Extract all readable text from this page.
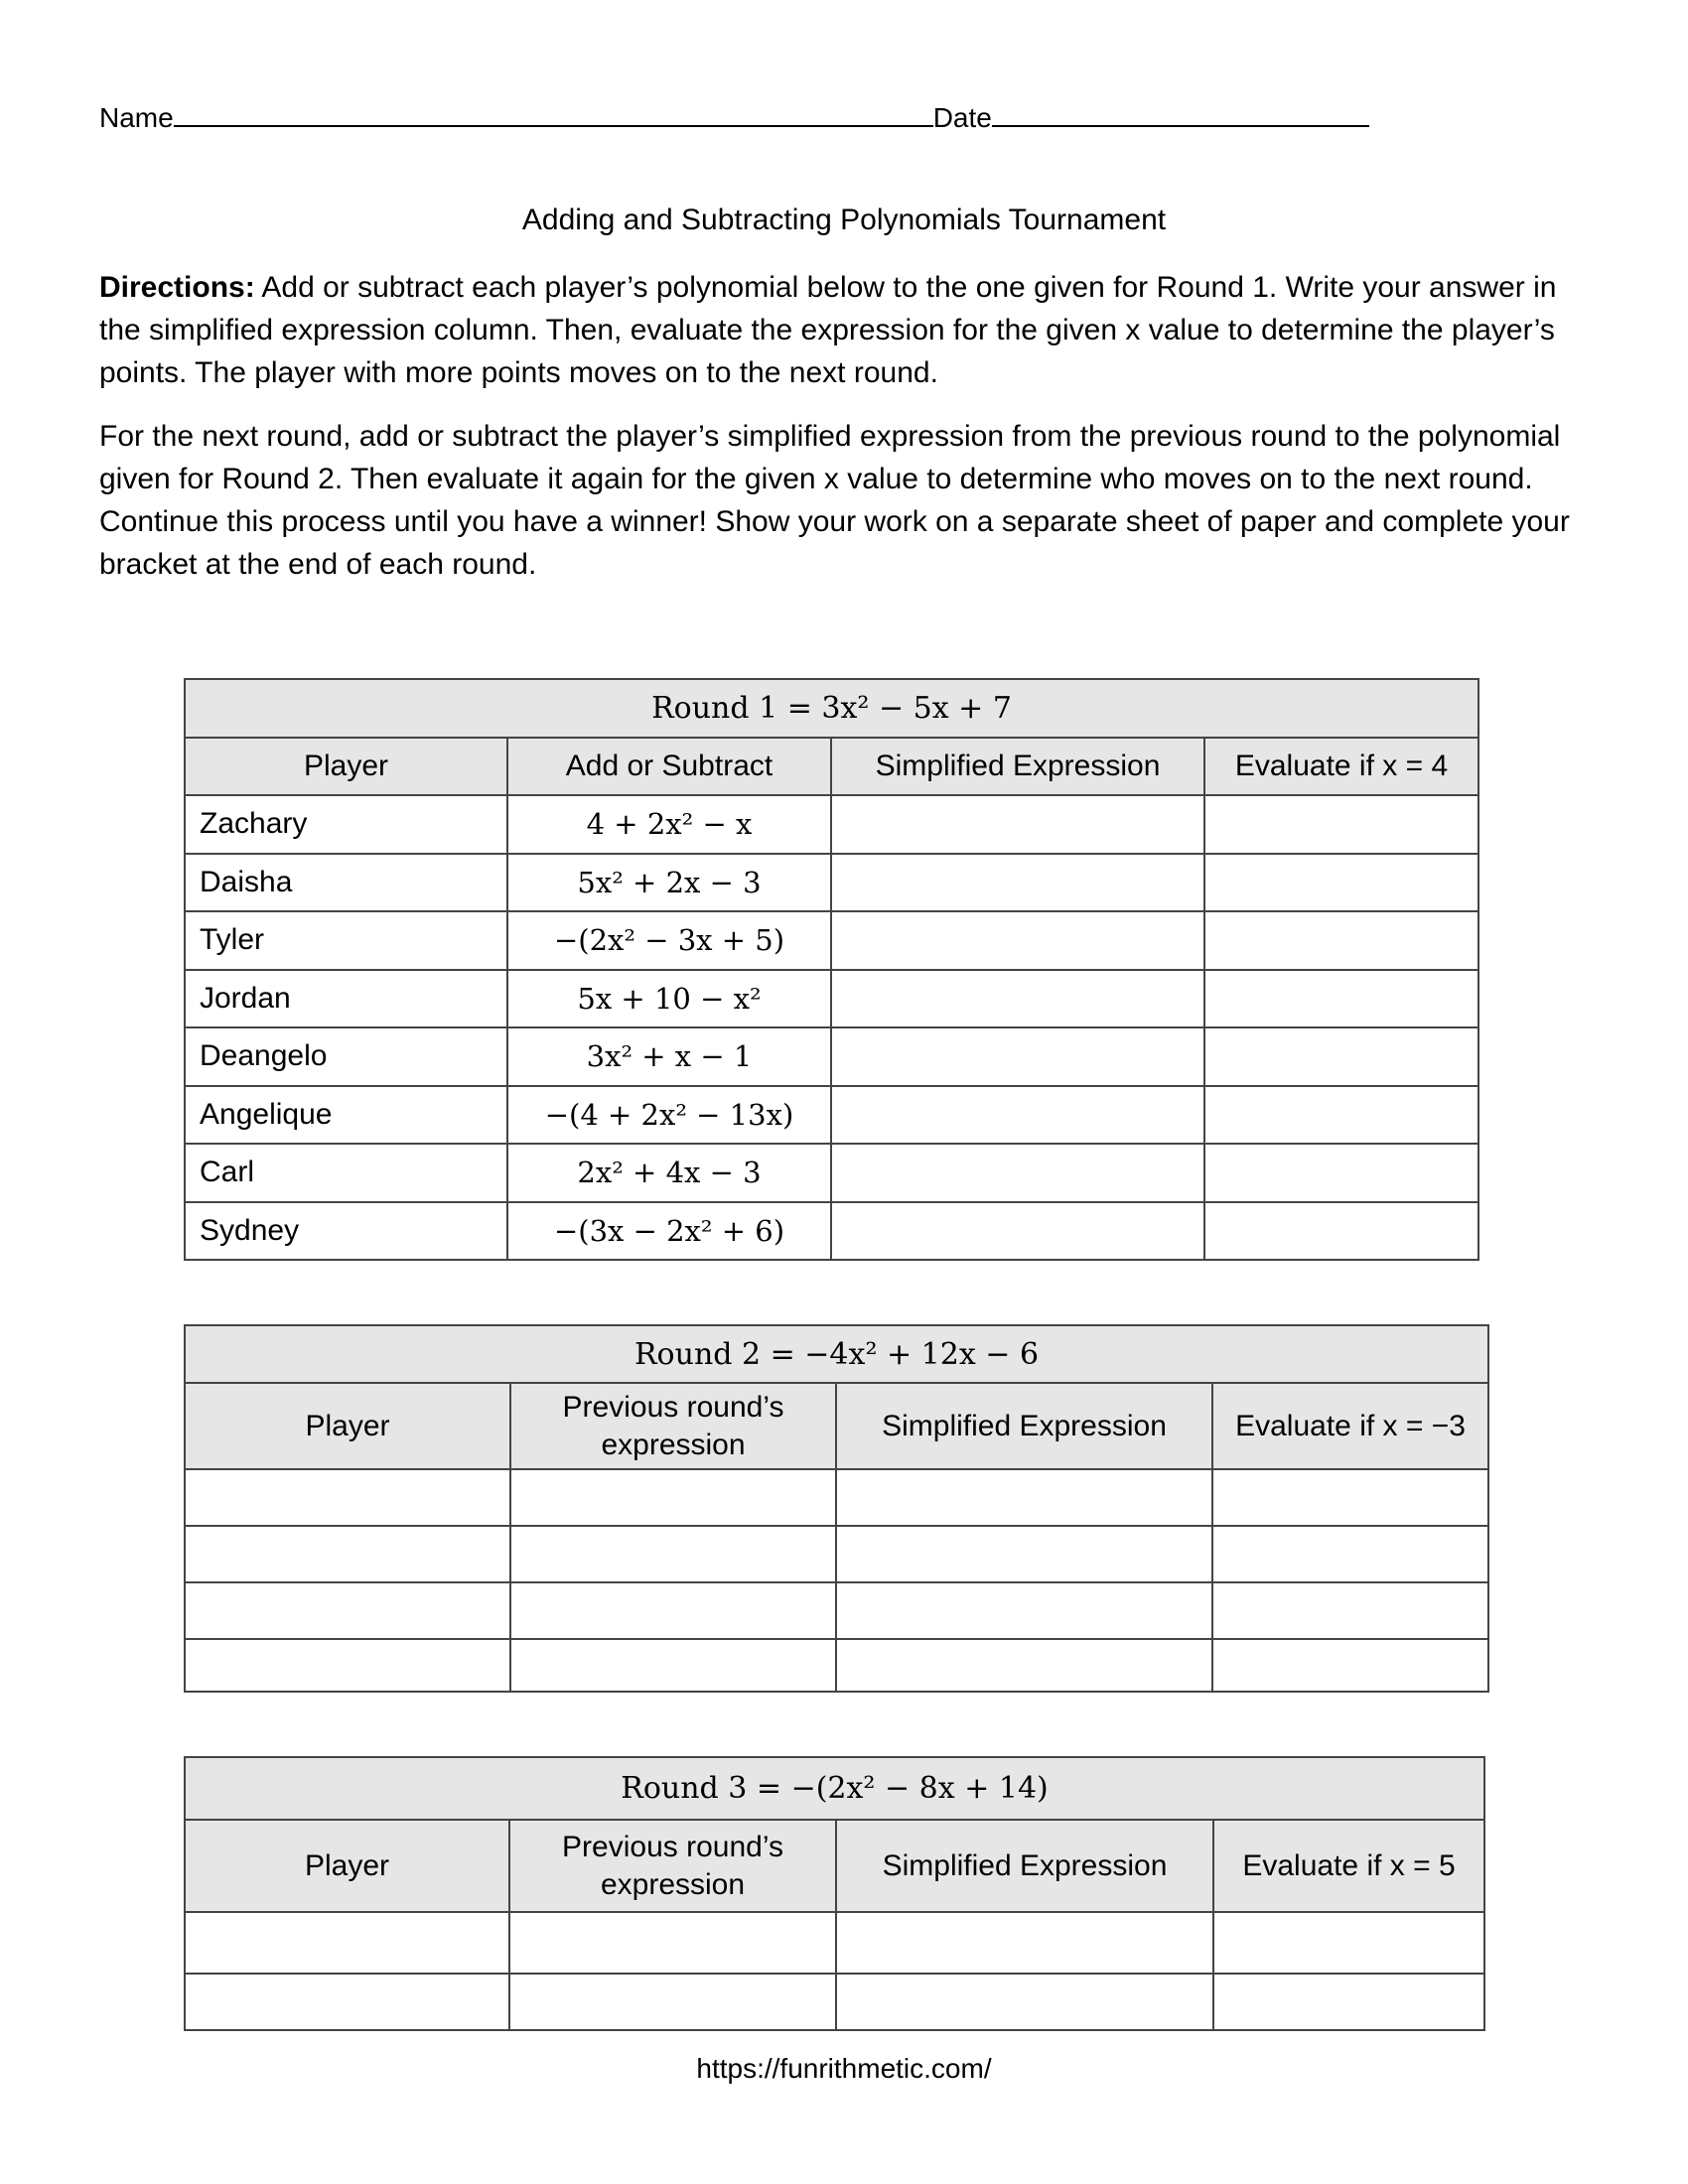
Name	Date
Adding and Subtracting Polynomials Tournament

Directions: Add or subtract each player’s polynomial below to the one given for Round 1. Write your answer in the simplified expression column. Then, evaluate the expression for the given x value to determine the player’s points. The player with more points moves on to the next round.

For the next round, add or subtract the player’s simplified expression from the previous round to the polynomial given for Round 2. Then evaluate it again for the given x value to determine who moves on to the next round. Continue this process until you have a winner! Show your work on a separate sheet of paper and complete your bracket at the end of each round.

Round 1 = 3x² − 5x + 7			
Player	Add or Subtract	Simplified Expression	Evaluate if x = 4
Zachary	4 + 2x² − x		
Daisha	5x² + 2x − 3		
Tyler	−(2x² − 3x + 5)		
Jordan	5x + 10 − x²		
Deangelo	3x² + x − 1		
Angelique	−(4 + 2x² − 13x)		
Carl	2x² + 4x − 3		
Sydney	−(3x − 2x² + 6)		
Round 2 = −4x² + 12x − 6			
Player	Previous round’s expression	Simplified Expression	Evaluate if x = −3

Round 3 = −(2x² − 8x + 14)			
Player	Previous round’s expression	Simplified Expression	Evaluate if x = 5

https://funrithmetic.com/
